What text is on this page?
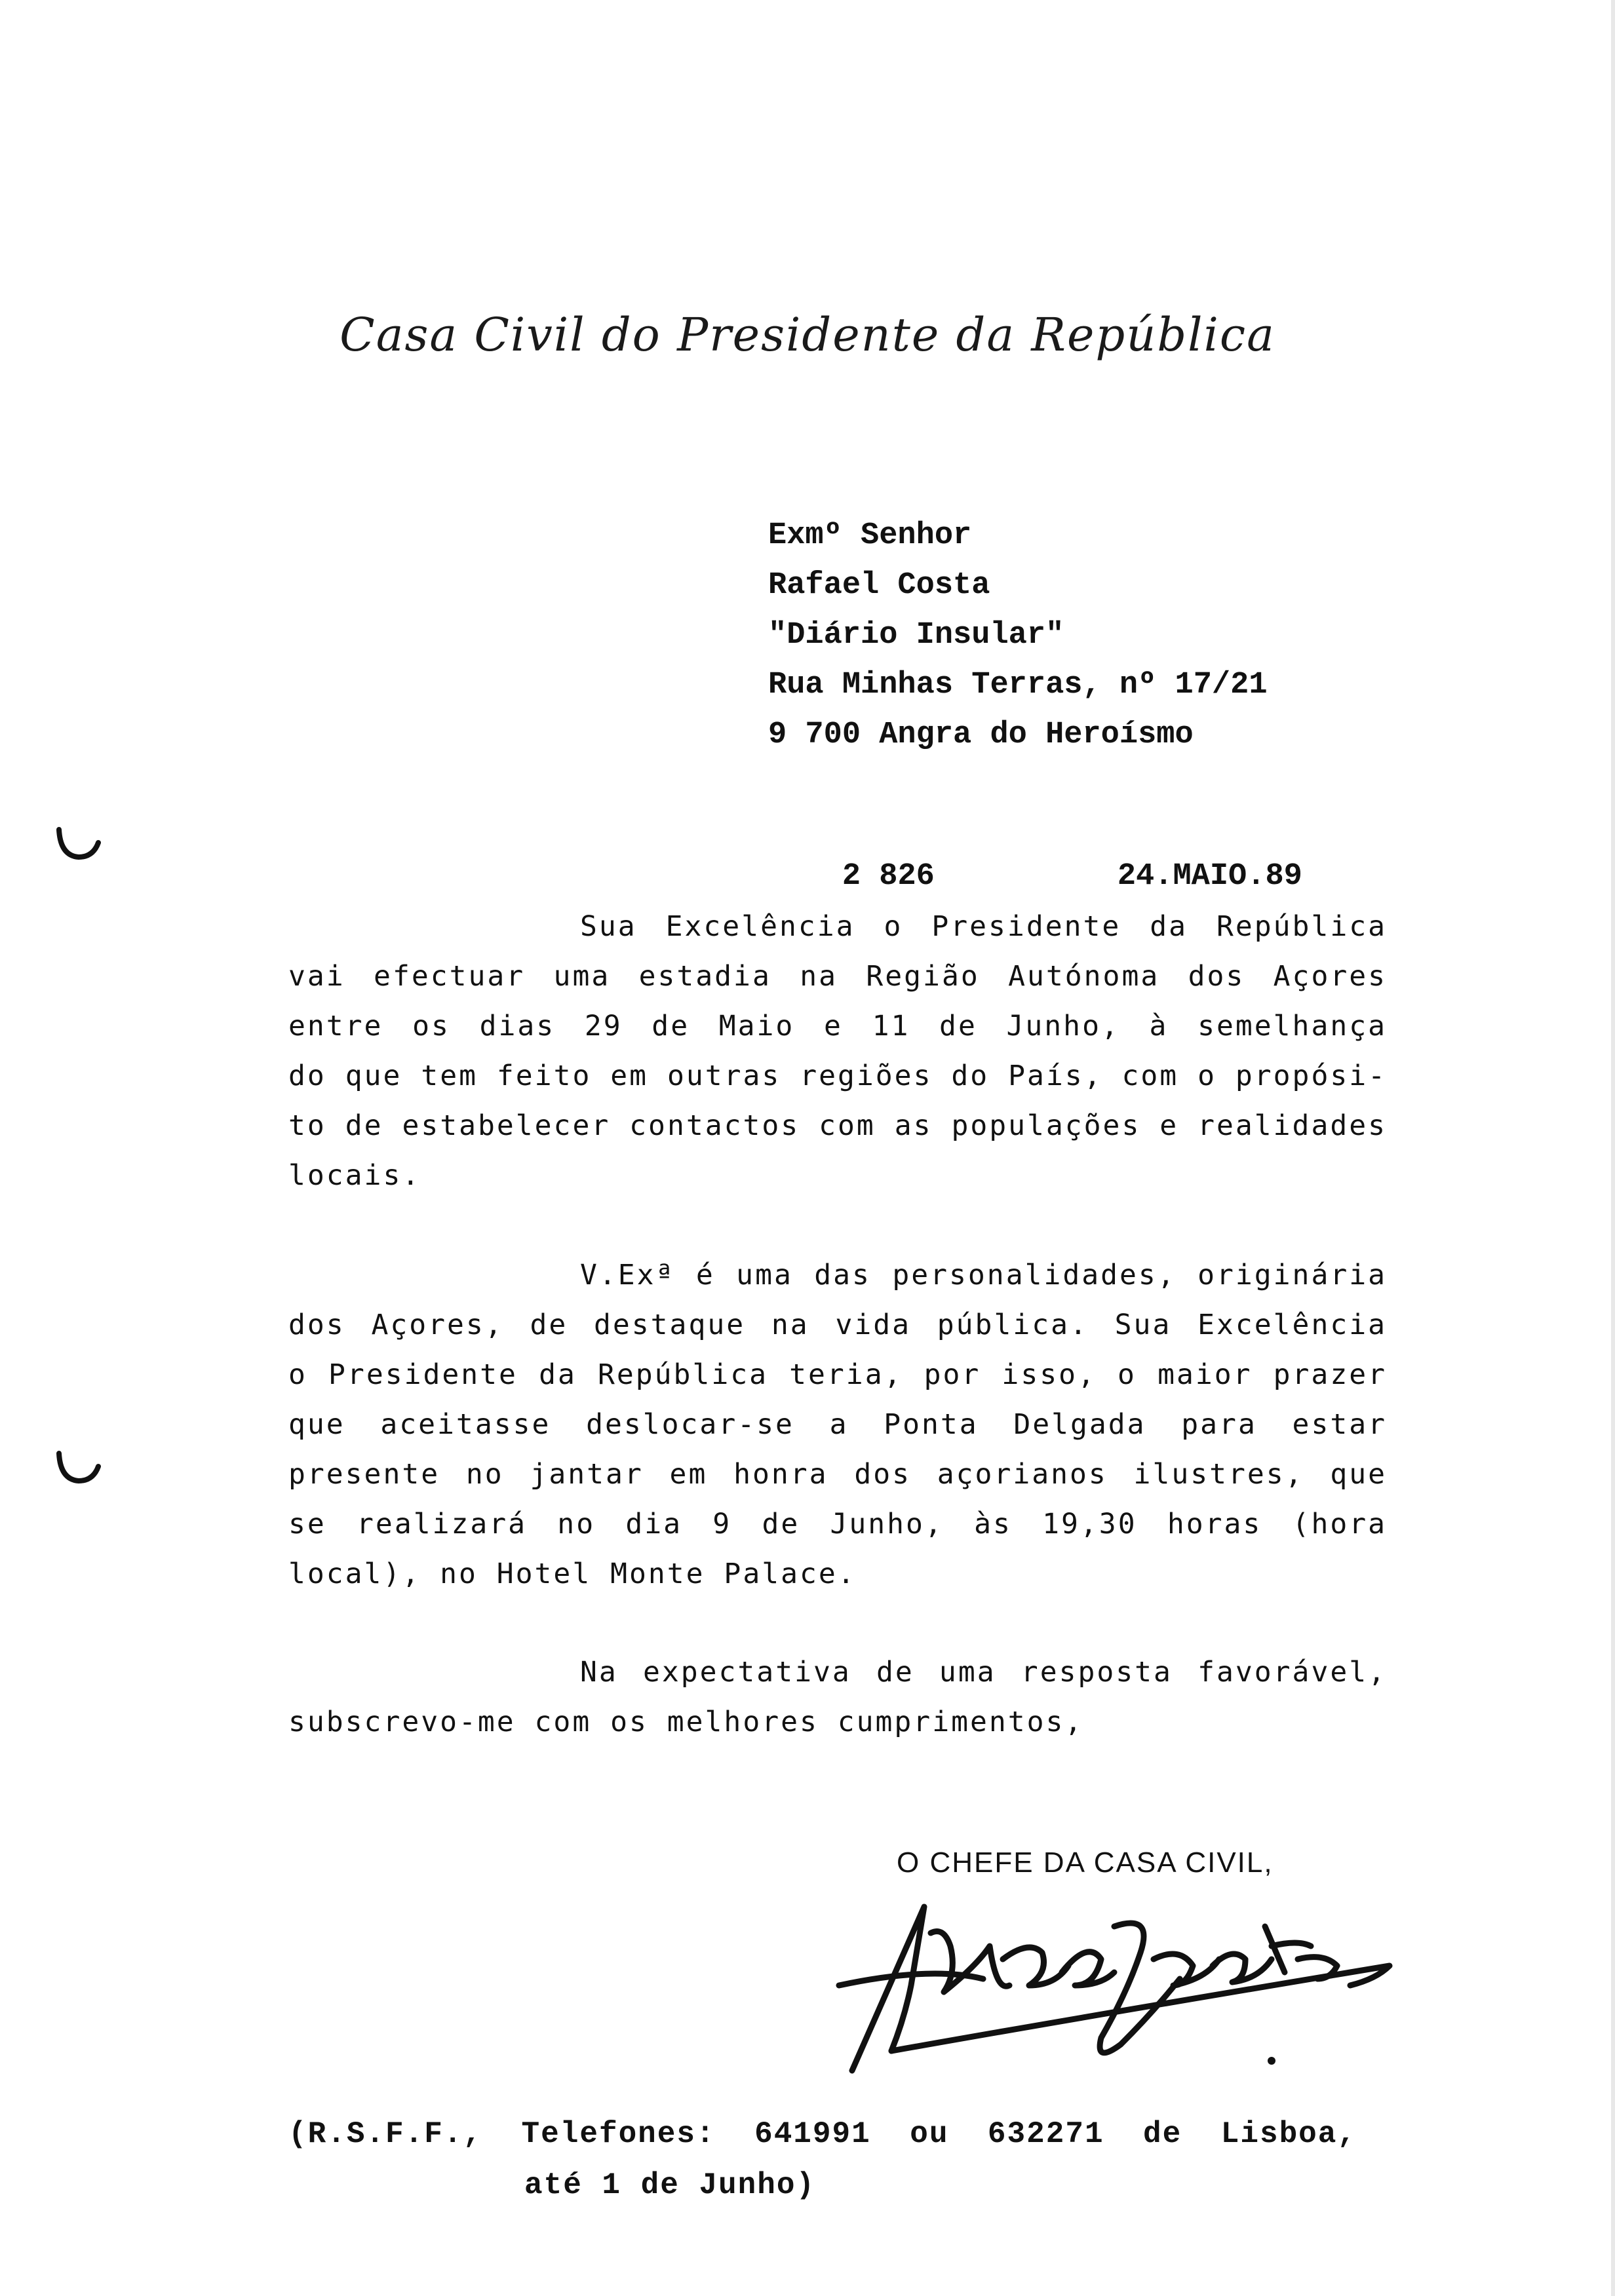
Casa Civil do Presidente da República
Exmº Senhor
Rafael Costa
"Diário Insular"
Rua Minhas Terras, nº 17/21
9 700 Angra do Heroísmo

2 826	24.MAIO.89

Sua Excelência o Presidente da República
vai efectuar uma estadia na Região Autónoma dos Açores
entre os dias 29 de Maio e 11 de Junho, à semelhança
do que tem feito em outras regiões do País, com o propósi-
to de estabelecer contactos com as populações e realidades
locais.
V.Exª é uma das personalidades, originária
dos Açores, de destaque na vida pública. Sua Excelência
o Presidente da República teria, por isso, o maior prazer
que aceitasse deslocar-se a Ponta Delgada para estar
presente no jantar em honra dos açorianos ilustres, que
se realizará no dia 9 de Junho, às 19,30 horas (hora
local), no Hotel Monte Palace.
Na expectativa de uma resposta favorável,
subscrevo-me com os melhores cumprimentos,
O CHEFE DA CASA CIVIL,
(R.S.F.F.,  Telefones:  641991  ou  632271  de  Lisboa,
até 1 de Junho)
